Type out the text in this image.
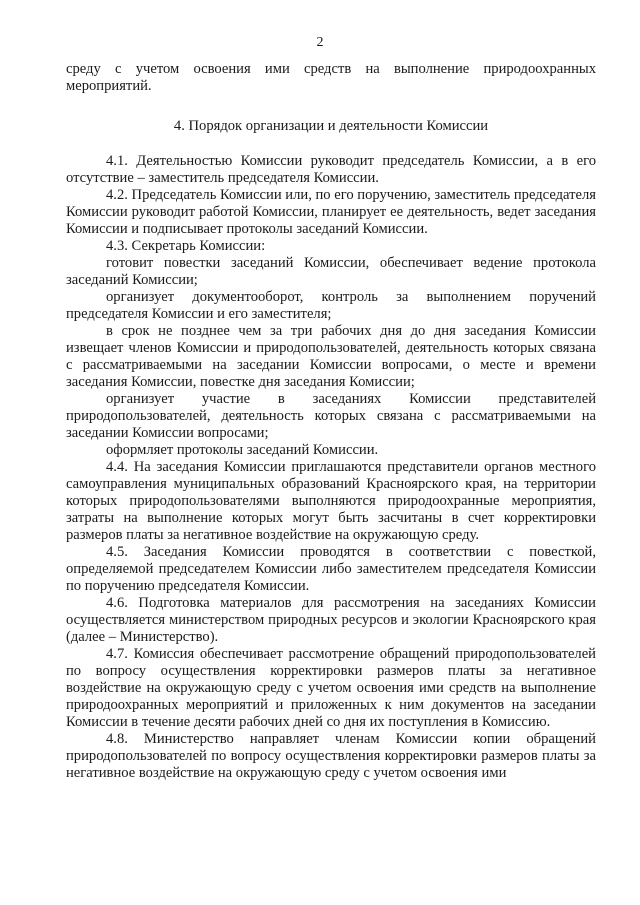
2

среду с учетом освоения ими средств на выполнение природоохранных мероприятий.

4. Порядок организации и деятельности Комиссии

4.1. Деятельностью Комиссии руководит председатель Комиссии, а в его отсутствие – заместитель председателя Комиссии.

4.2. Председатель Комиссии или, по его поручению, заместитель председателя Комиссии руководит работой Комиссии, планирует ее деятельность, ведет заседания Комиссии и подписывает протоколы заседаний Комиссии.

4.3. Секретарь Комиссии:

готовит повестки заседаний Комиссии, обеспечивает ведение протокола заседаний Комиссии;

организует документооборот, контроль за выполнением поручений председателя Комиссии и его заместителя;

в срок не позднее чем за три рабочих дня до дня заседания Комиссии извещает членов Комиссии и природопользователей, деятельность которых связана с рассматриваемыми на заседании Комиссии вопросами, о месте и времени заседания Комиссии, повестке дня заседания Комиссии;

организует участие в заседаниях Комиссии представителей природопользователей, деятельность которых связана с рассматриваемыми на заседании Комиссии вопросами;

оформляет протоколы заседаний Комиссии.

4.4. На заседания Комиссии приглашаются представители органов местного самоуправления муниципальных образований Красноярского края, на территории которых природопользователями выполняются природоохранные мероприятия, затраты на выполнение которых могут быть засчитаны в счет корректировки размеров платы за негативное воздействие на окружающую среду.

4.5. Заседания Комиссии проводятся в соответствии с повесткой, определяемой председателем Комиссии либо заместителем председателя Комиссии по поручению председателя Комиссии.

4.6. Подготовка материалов для рассмотрения на заседаниях Комиссии осуществляется министерством природных ресурсов и экологии Красноярского края (далее – Министерство).

4.7. Комиссия обеспечивает рассмотрение обращений природопользователей по вопросу осуществления корректировки размеров платы за негативное воздействие на окружающую среду с учетом освоения ими средств на выполнение природоохранных мероприятий и приложенных к ним документов на заседании Комиссии в течение десяти рабочих дней со дня их поступления в Комиссию.

4.8. Министерство направляет членам Комиссии копии обращений природопользователей по вопросу осуществления корректировки размеров платы за негативное воздействие на окружающую среду с учетом освоения ими
